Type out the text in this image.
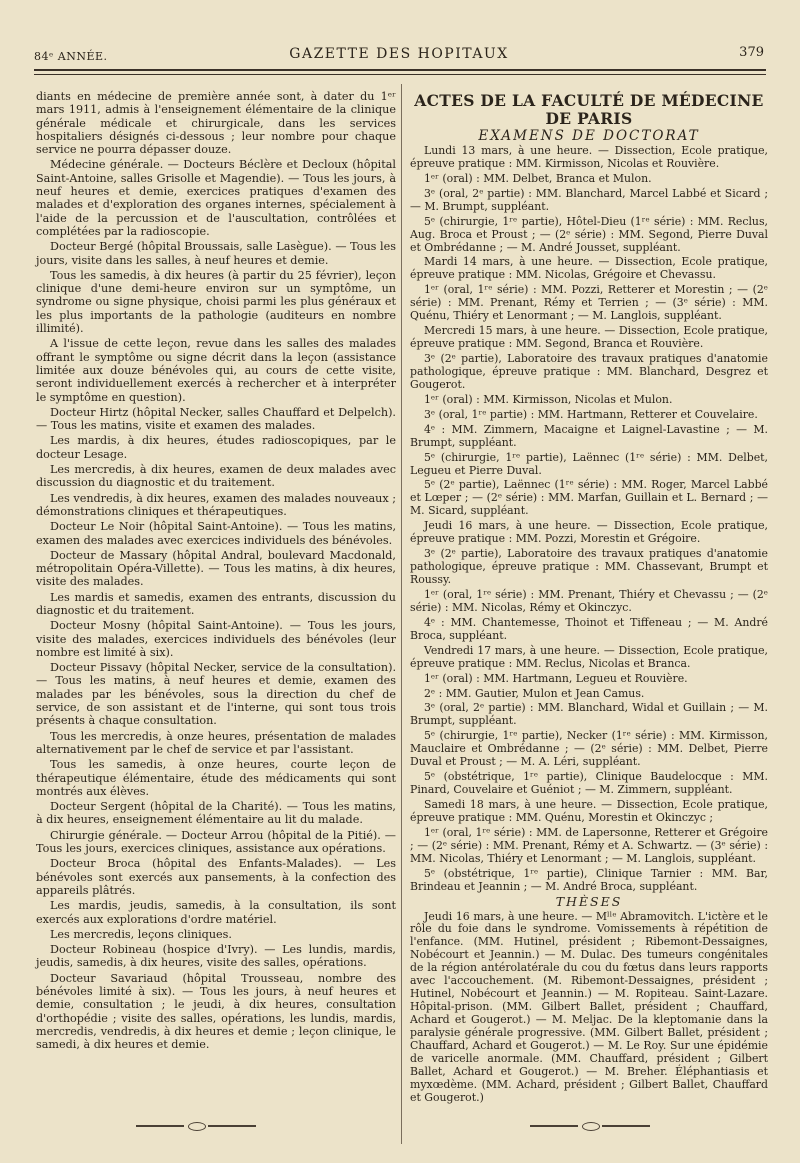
84ᵉ ANNÉE.	GAZETTE DES HOPITAUX	379

diants en médecine de première année sont, à dater du 1ᵉʳ mars 1911, admis à l'enseignement élémentaire de la clinique générale médicale et chirurgicale, dans les services hospitaliers désignés ci-dessous ; leur nombre pour chaque service ne pourra dépasser douze.

Médecine générale. — Docteurs Béclère et Decloux (hôpital Saint-Antoine, salles Grisolle et Magendie). — Tous les jours, à neuf heures et demie, exercices pratiques d'examen des malades et d'exploration des organes internes, spécialement à l'aide de la percussion et de l'auscultation, contrôlées et complétées par la radioscopie.

Docteur Bergé (hôpital Broussais, salle Lasègue). — Tous les jours, visite dans les salles, à neuf heures et demie.

Tous les samedis, à dix heures (à partir du 25 février), leçon clinique d'une demi-heure environ sur un symptôme, un syndrome ou signe physique, choisi parmi les plus généraux et les plus importants de la pathologie (auditeurs en nombre illimité).

A l'issue de cette leçon, revue dans les salles des malades offrant le symptôme ou signe décrit dans la leçon (assistance limitée aux douze bénévoles qui, au cours de cette visite, seront individuellement exercés à rechercher et à interpréter le symptôme en question).

Docteur Hirtz (hôpital Necker, salles Chauffard et Delpelch). — Tous les matins, visite et examen des malades.

Les mardis, à dix heures, études radioscopiques, par le docteur Lesage.

Les mercredis, à dix heures, examen de deux malades avec discussion du diagnostic et du traitement.

Les vendredis, à dix heures, examen des malades nouveaux ; démonstrations cliniques et thérapeutiques.

Docteur Le Noir (hôpital Saint-Antoine). — Tous les matins, examen des malades avec exercices individuels des bénévoles.

Docteur de Massary (hôpital Andral, boulevard Macdonald, métropolitain Opéra-Villette). — Tous les matins, à dix heures, visite des malades.

Les mardis et samedis, examen des entrants, discussion du diagnostic et du traitement.

Docteur Mosny (hôpital Saint-Antoine). — Tous les jours, visite des malades, exercices individuels des bénévoles (leur nombre est limité à six).

Docteur Pissavy (hôpital Necker, service de la consultation). — Tous les matins, à neuf heures et demie, examen des malades par les bénévoles, sous la direction du chef de service, de son assistant et de l'interne, qui sont tous trois présents à chaque consultation.

Tous les mercredis, à onze heures, présentation de malades alternativement par le chef de service et par l'assistant.

Tous les samedis, à onze heures, courte leçon de thérapeutique élémentaire, étude des médicaments qui sont montrés aux élèves.

Docteur Sergent (hôpital de la Charité). — Tous les matins, à dix heures, enseignement élémentaire au lit du malade.

Chirurgie générale. — Docteur Arrou (hôpital de la Pitié). — Tous les jours, exercices cliniques, assistance aux opérations.

Docteur Broca (hôpital des Enfants-Malades). — Les bénévoles sont exercés aux pansements, à la confection des appareils plâtrés.

Les mardis, jeudis, samedis, à la consultation, ils sont exercés aux explorations d'ordre matériel.

Les mercredis, leçons cliniques.

Docteur Robineau (hospice d'Ivry). — Les lundis, mardis, jeudis, samedis, à dix heures, visite des salles, opérations.

Docteur Savariaud (hôpital Trousseau, nombre des bénévoles limité à six). — Tous les jours, à neuf heures et demie, consultation ; le jeudi, à dix heures, consultation d'orthopédie ; visite des salles, opérations, les lundis, mardis, mercredis, vendredis, à dix heures et demie ; leçon clinique, le samedi, à dix heures et demie.

ACTES DE LA FACULTÉ DE MÉDECINE DE PARIS

EXAMENS DE DOCTORAT

Lundi 13 mars, à une heure. — Dissection, Ecole pratique, épreuve pratique : MM. Kirmisson, Nicolas et Rouvière.

1ᵉʳ (oral) : MM. Delbet, Branca et Mulon.

3ᵉ (oral, 2ᵉ partie) : MM. Blanchard, Marcel Labbé et Sicard ; — M. Brumpt, suppléant.

5ᵉ (chirurgie, 1ʳᵉ partie), Hôtel-Dieu (1ʳᵉ série) : MM. Reclus, Aug. Broca et Proust ; — (2ᵉ série) : MM. Segond, Pierre Duval et Ombrédanne ; — M. André Jousset, suppléant.

Mardi 14 mars, à une heure. — Dissection, Ecole pratique, épreuve pratique : MM. Nicolas, Grégoire et Chevassu.

1ᵉʳ (oral, 1ʳᵉ série) : MM. Pozzi, Retterer et Morestin ; — (2ᵉ série) : MM. Prenant, Rémy et Terrien ; — (3ᵉ série) : MM. Quénu, Thiéry et Lenormant ; — M. Langlois, suppléant.

Mercredi 15 mars, à une heure. — Dissection, Ecole pratique, épreuve pratique : MM. Segond, Branca et Rouvière.

3ᵉ (2ᵉ partie), Laboratoire des travaux pratiques d'anatomie pathologique, épreuve pratique : MM. Blanchard, Desgrez et Gougerot.

1ᵉʳ (oral) : MM. Kirmisson, Nicolas et Mulon.

3ᵉ (oral, 1ʳᵉ partie) : MM. Hartmann, Retterer et Couvelaire.

4ᵉ : MM. Zimmern, Macaigne et Laignel-Lavastine ; — M. Brumpt, suppléant.

5ᵉ (chirurgie, 1ʳᵉ partie), Laënnec (1ʳᵉ série) : MM. Delbet, Legueu et Pierre Duval.

5ᵉ (2ᵉ partie), Laënnec (1ʳᵉ série) : MM. Roger, Marcel Labbé et Lœper ; — (2ᵉ série) : MM. Marfan, Guillain et L. Bernard ; — M. Sicard, suppléant.

Jeudi 16 mars, à une heure. — Dissection, Ecole pratique, épreuve pratique : MM. Pozzi, Morestin et Grégoire.

3ᵉ (2ᵉ partie), Laboratoire des travaux pratiques d'anatomie pathologique, épreuve pratique : MM. Chassevant, Brumpt et Roussy.

1ᵉʳ (oral, 1ʳᵉ série) : MM. Prenant, Thiéry et Chevassu ; — (2ᵉ série) : MM. Nicolas, Rémy et Okinczyc.

4ᵉ : MM. Chantemesse, Thoinot et Tiffeneau ; — M. André Broca, suppléant.

Vendredi 17 mars, à une heure. — Dissection, Ecole pratique, épreuve pratique : MM. Reclus, Nicolas et Branca.

1ᵉʳ (oral) : MM. Hartmann, Legueu et Rouvière.

2ᵉ : MM. Gautier, Mulon et Jean Camus.

3ᵉ (oral, 2ᵉ partie) : MM. Blanchard, Widal et Guillain ; — M. Brumpt, suppléant.

5ᵉ (chirurgie, 1ʳᵉ partie), Necker (1ʳᵉ série) : MM. Kirmisson, Mauclaire et Ombrédanne ; — (2ᵉ série) : MM. Delbet, Pierre Duval et Proust ; — M. A. Léri, suppléant.

5ᵉ (obstétrique, 1ʳᵉ partie), Clinique Baudelocque : MM. Pinard, Couvelaire et Guéniot ; — M. Zimmern, suppléant.

Samedi 18 mars, à une heure. — Dissection, Ecole pratique, épreuve pratique : MM. Quénu, Morestin et Okinczyc ;

1ᵉʳ (oral, 1ʳᵉ série) : MM. de Lapersonne, Retterer et Grégoire ; — (2ᵉ série) : MM. Prenant, Rémy et A. Schwartz. — (3ᵉ série) : MM. Nicolas, Thiéry et Lenormant ; — M. Langlois, suppléant.

5ᵉ (obstétrique, 1ʳᵉ partie), Clinique Tarnier : MM. Bar, Brindeau et Jeannin ; — M. André Broca, suppléant.

THÈSES

Jeudi 16 mars, à une heure. — Mˡˡᵉ Abramovitch. L'ictère et le rôle du foie dans le syndrome. Vomissements à répétition de l'enfance. (MM. Hutinel, président ; Ribemont-Dessaignes, Nobécourt et Jeannin.) — M. Dulac. Des tumeurs congénitales de la région antérolatérale du cou du fœtus dans leurs rapports avec l'accouchement. (M. Ribemont-Dessaignes, président ; Hutinel, Nobécourt et Jeannin.) — M. Ropiteau. Saint-Lazare. Hôpital-prison. (MM. Gilbert Ballet, président ; Chauffard, Achard et Gougerot.) — M. Meljac. De la kleptomanie dans la paralysie générale progressive. (MM. Gilbert Ballet, président ; Chauffard, Achard et Gougerot.) — M. Le Roy. Sur une épidémie de varicelle anormale. (MM. Chauffard, président ; Gilbert Ballet, Achard et Gougerot.) — M. Breher. Éléphantiasis et myxœdème. (MM. Achard, président ; Gilbert Ballet, Chauffard et Gougerot.)
